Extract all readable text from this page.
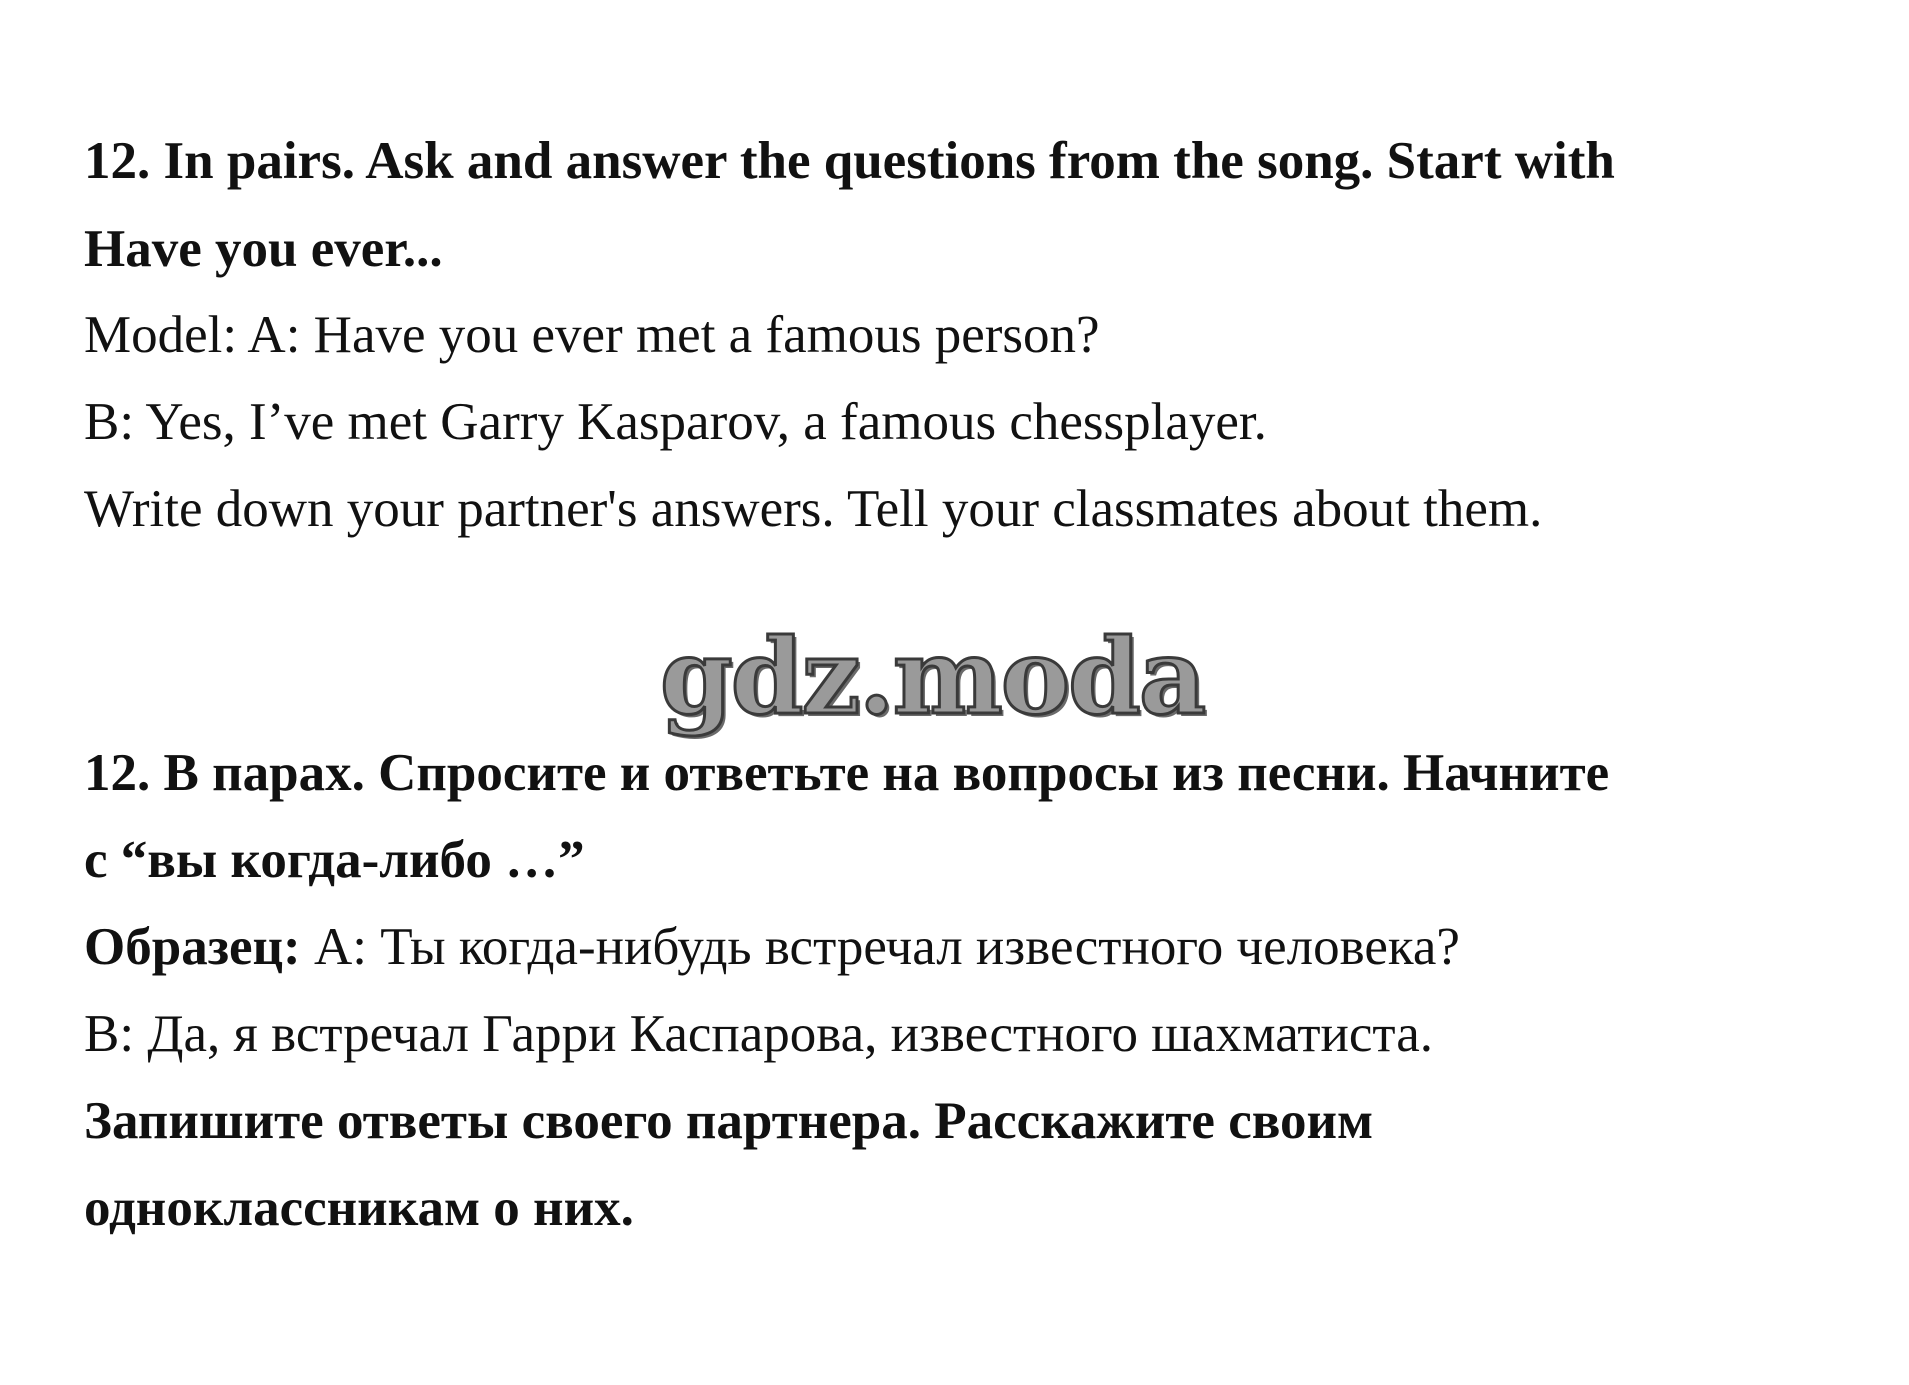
12. In pairs. Ask and answer the questions from the song. Start with
Have you ever...
Model: A: Have you ever met a famous person?
B: Yes, I’ve met Garry Kasparov, a famous chessplayer.
Write down your partner's answers. Tell your classmates about them.
gdz.moda
12. В парах. Спросите и ответьте на вопросы из песни. Начните
с “вы когда-либо …”
Образец: А: Ты когда-нибудь встречал известного человека?
В: Да, я встречал Гарри Каспарова, известного шахматиста.
Запишите ответы своего партнера. Расскажите своим
одноклассникам о них.
